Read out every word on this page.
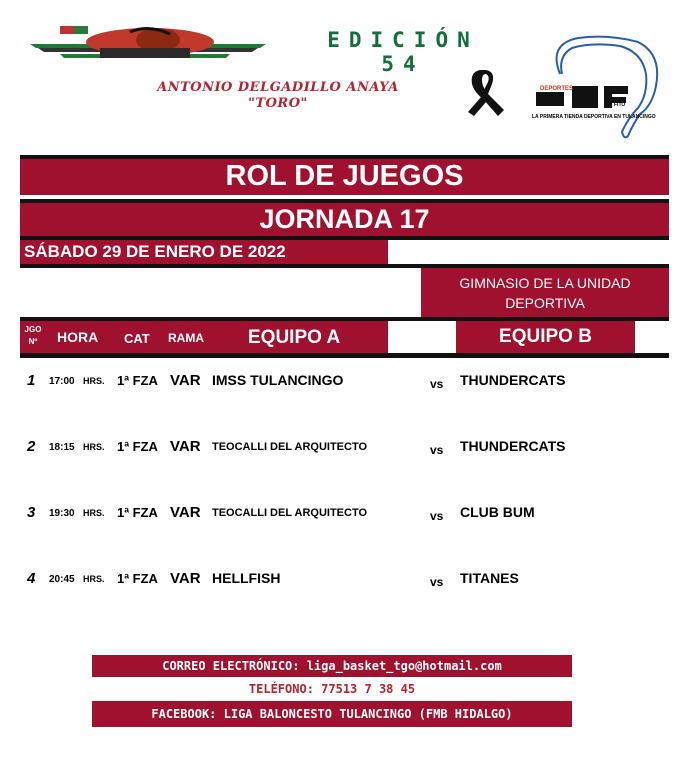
EDICIÓN
54
ANTONIO DELGADILLO ANAYA
"TORO"
DEPORTES
FITO
LA PRIMERA TIENDA DEPORTIVA EN TULANCINGO
ROL DE JUEGOS
JORNADA 17
SÁBADO 29 DE ENERO DE 2022
GIMNASIO DE LA UNIDAD DEPORTIVA
JGO Nº	HORA CAT RAMA EQUIPO A	EQUIPO B
1 17:00 HRS. 1ª FZA VAR IMSS TULANCINGO	vs THUNDERCATS
2 18:15 HRS. 1ª FZA VAR TEOCALLI DEL ARQUITECTO	vs THUNDERCATS
3 19:30 HRS. 1ª FZA VAR TEOCALLI DEL ARQUITECTO	vs CLUB BUM
4 20:45 HRS. 1ª FZA VAR HELLFISH	vs TITANES
CORREO ELECTRÓNICO: liga_basket_tgo@hotmail.com
TELÉFONO: 77513 7 38 45
FACEBOOK: LIGA BALONCESTO TULANCINGO (FMB HIDALGO)
